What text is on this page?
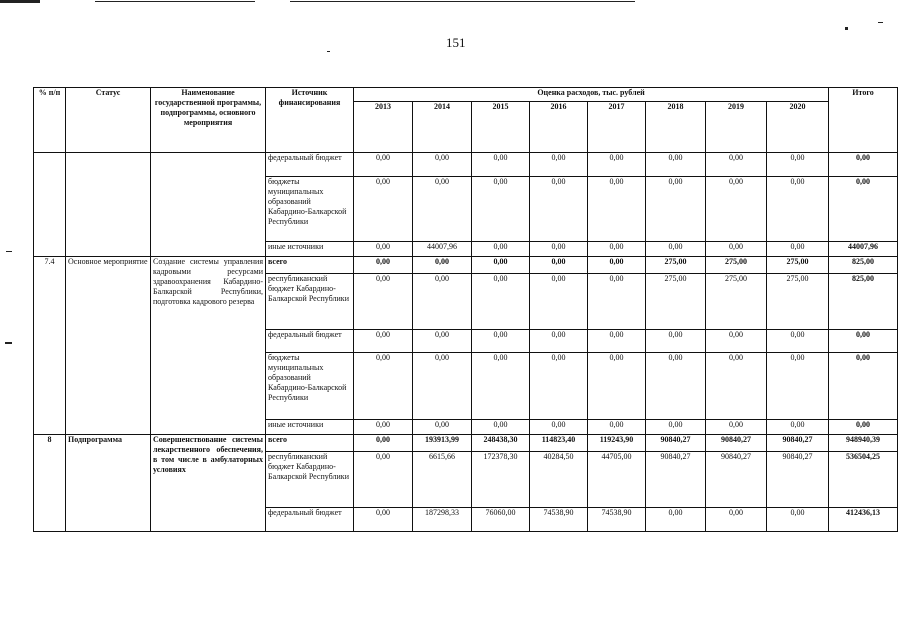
151
% п/п	Статус	Наименование государственной программы, подпрограммы, основного мероприятия	Источник финансирования	Оценка расходов, тыс. рублей								Итого
				2013	2014	2015	2016	2017	2018	2019	2020	
			федеральный бюджет	0,00	0,00	0,00	0,00	0,00	0,00	0,00	0,00	0,00
			бюджеты муниципальных образований Кабардино-Балкарской Республики	0,00	0,00	0,00	0,00	0,00	0,00	0,00	0,00	0,00
			иные источники	0,00	44007,96	0,00	0,00	0,00	0,00	0,00	0,00	44007,96
7.4	Основное мероприятие	Создание системы управления кадровыми ресурсами здравоохранения Кабардино-Балкарской Республики, подготовка кадрового резерва	всего	0,00	0,00	0,00	0,00	0,00	275,00	275,00	275,00	825,00
			республиканский бюджет Кабардино-Балкарской Республики	0,00	0,00	0,00	0,00	0,00	275,00	275,00	275,00	825,00
			федеральный бюджет	0,00	0,00	0,00	0,00	0,00	0,00	0,00	0,00	0,00
			бюджеты муниципальных образований Кабардино-Балкарской Республики	0,00	0,00	0,00	0,00	0,00	0,00	0,00	0,00	0,00
			иные источники	0,00	0,00	0,00	0,00	0,00	0,00	0,00	0,00	0,00
8	Подпрограмма	Совершенствование системы лекарственного обеспечения, в том числе в амбулаторных условиях	всего	0,00	193913,99	248438,30	114823,40	119243,90	90840,27	90840,27	90840,27	948940,39
			республиканский бюджет Кабардино-Балкарской Республики	0,00	6615,66	172378,30	40284,50	44705,00	90840,27	90840,27	90840,27	536504,25
			федеральный бюджет	0,00	187298,33	76060,00	74538,90	74538,90	0,00	0,00	0,00	412436,13
